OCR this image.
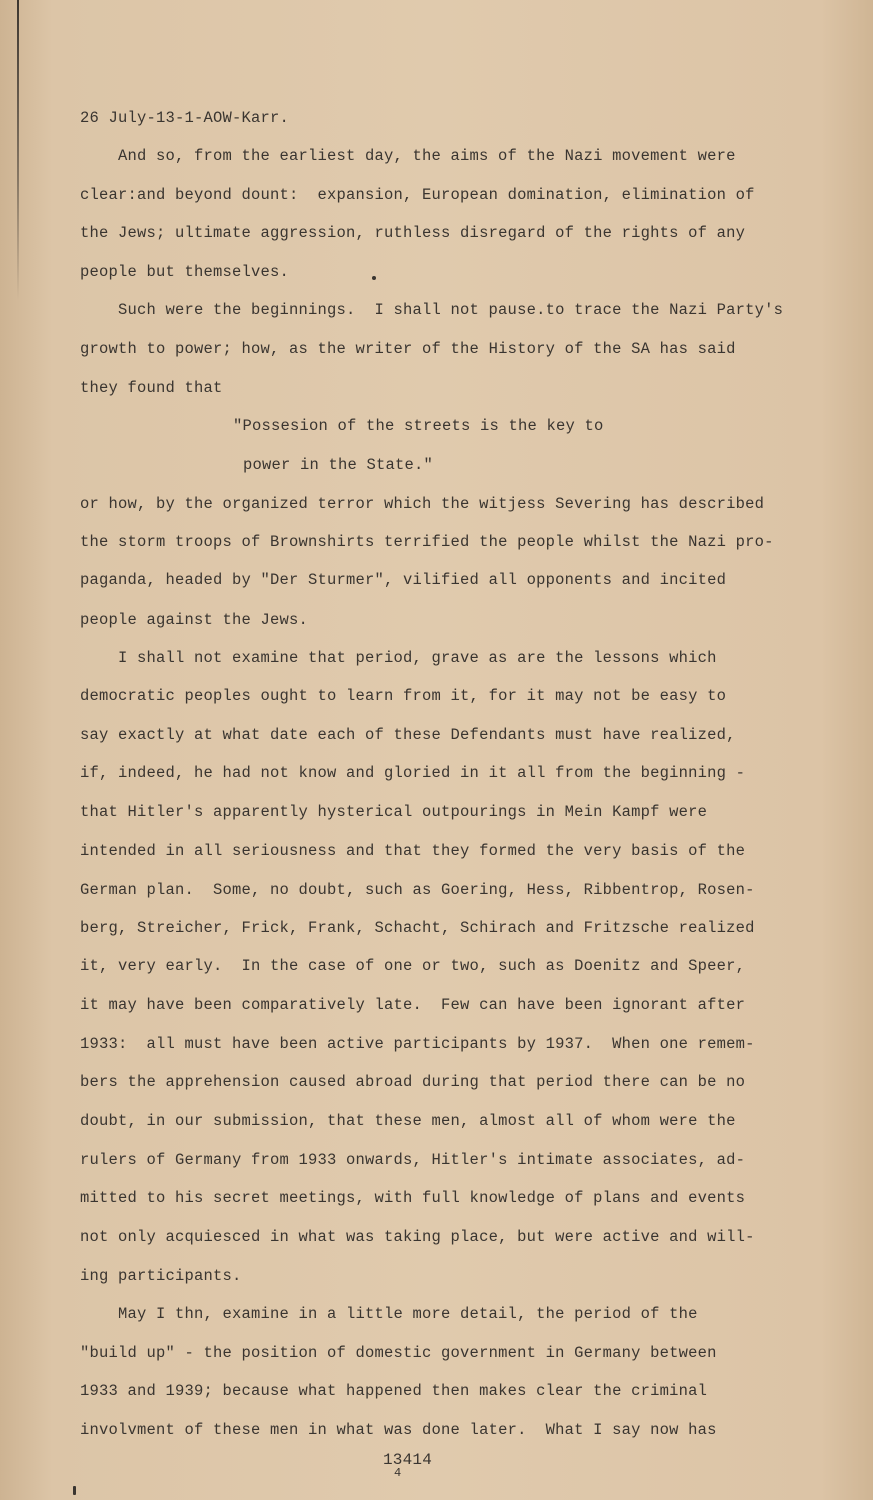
26 July-13-1-AOW-Karr.
And so, from the earliest day, the aims of the Nazi movement were
clear:and beyond dount:  expansion, European domination, elimination of
the Jews; ultimate aggression, ruthless disregard of the rights of any
people but themselves.
Such were the beginnings.  I shall not pause.to trace the Nazi Party's
growth to power; how, as the writer of the History of the SA has said
they found that
"Possesion of the streets is the key to
power in the State."
or how, by the organized terror which the witjess Severing has described
the storm troops of Brownshirts terrified the people whilst the Nazi pro-
paganda, headed by "Der Sturmer", vilified all opponents and incited
people against the Jews.
I shall not examine that period, grave as are the lessons which
democratic peoples ought to learn from it, for it may not be easy to
say exactly at what date each of these Defendants must have realized,
if, indeed, he had not know and gloried in it all from the beginning -
that Hitler's apparently hysterical outpourings in Mein Kampf were
intended in all seriousness and that they formed the very basis of the
German plan.  Some, no doubt, such as Goering, Hess, Ribbentrop, Rosen-
berg, Streicher, Frick, Frank, Schacht, Schirach and Fritzsche realized
it, very early.  In the case of one or two, such as Doenitz and Speer,
it may have been comparatively late.  Few can have been ignorant after
1933:  all must have been active participants by 1937.  When one remem-
bers the apprehension caused abroad during that period there can be no
doubt, in our submission, that these men, almost all of whom were the
rulers of Germany from 1933 onwards, Hitler's intimate associates, ad-
mitted to his secret meetings, with full knowledge of plans and events
not only acquiesced in what was taking place, but were active and will-
ing participants.
May I thn, examine in a little more detail, the period of the
"build up" - the position of domestic government in Germany between
1933 and 1939; because what happened then makes clear the criminal
involvment of these men in what was done later.  What I say now has
13414
4
